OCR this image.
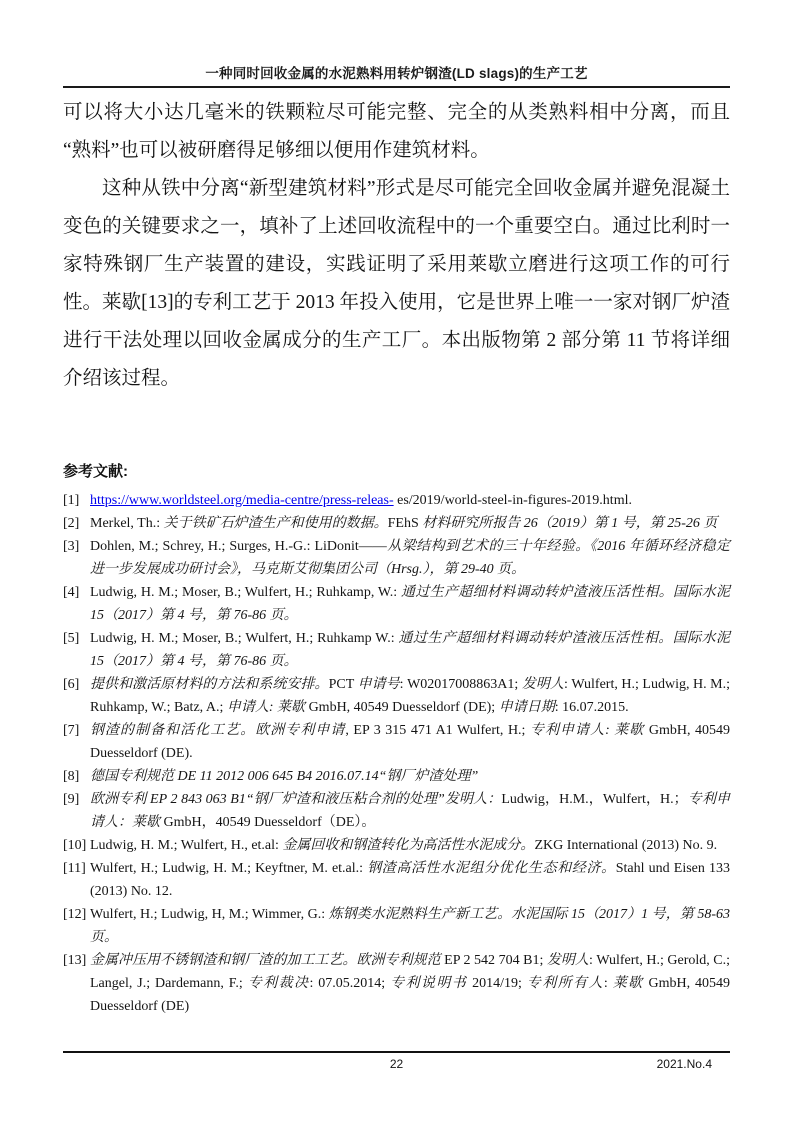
一种同时回收金属的水泥熟料用转炉钢渣(LD slags)的生产工艺

可以将大小达几毫米的铁颗粒尽可能完整、完全的从类熟料相中分离，而且“熟料”也可以被研磨得足够细以便用作建筑材料。

这种从铁中分离“新型建筑材料”形式是尽可能完全回收金属并避免混凝土变色的关键要求之一，填补了上述回收流程中的一个重要空白。通过比利时一家特殊钢厂生产装置的建设，实践证明了采用莱歇立磨进行这项工作的可行性。莱歇[13]的专利工艺于 2013 年投入使用，它是世界上唯一一家对钢厂炉渣进行干法处理以回收金属成分的生产工厂。本出版物第 2 部分第 11 节将详细介绍该过程。

参考文献:
[1] https://www.worldsteel.org/media-centre/press-releas- es/2019/world-steel-in-figures-2019.html.
[2] Merkel, Th.: 关于铁矿石炉渣生产和使用的数据。FEhS 材料研究所报告 26（2019）第 1 号，第 25-26 页
[3] Dohlen, M.; Schrey, H.; Surges, H.-G.: LiDonit——从梁结构到艺术的三十年经验。《2016 年循环经济稳定进一步发展成功研讨会》，马克斯艾彻集团公司（Hrsg.），第 29-40 页。
[4] Ludwig, H. M.; Moser, B.; Wulfert, H.; Ruhkamp, W.: 通过生产超细材料调动转炉渣液压活性相。国际水泥 15（2017）第 4 号，第 76-86 页。
[5] Ludwig, H. M.; Moser, B.; Wulfert, H.; Ruhkamp W.: 通过生产超细材料调动转炉渣液压活性相。国际水泥 15（2017）第 4 号，第 76-86 页。
[6] 提供和激活原材料的方法和系统安排。PCT 申请号: W02017008863A1; 发明人: Wulfert, H.; Ludwig, H. M.; Ruhkamp, W.; Batz, A.; 申请人: 莱歇 GmbH, 40549 Duesseldorf (DE); 申请日期: 16.07.2015.
[7] 钢渣的制备和活化工艺。欧洲专利申请, EP 3 315 471 A1 Wulfert, H.; 专利申请人: 莱歇 GmbH, 40549 Duesseldorf (DE).
[8] 德国专利规范 DE 11 2012 006 645 B4 2016.07.14“钢厂炉渣处理”
[9] 欧洲专利 EP 2 843 063 B1“钢厂炉渣和液压粘合剂的处理”发明人：Ludwig，H.M.，Wulfert，H.；专利申请人：莱歇 GmbH，40549 Duesseldorf（DE）。
[10] Ludwig, H. M.; Wulfert, H., et.al: 金属回收和钢渣转化为高活性水泥成分。ZKG International (2013) No. 9.
[11] Wulfert, H.; Ludwig, H. M.; Keyftner, M. et.al.: 钢渣高活性水泥组分优化生态和经济。Stahl und Eisen 133 (2013) No. 12.
[12] Wulfert, H.; Ludwig, H, M.; Wimmer, G.: 炼钢类水泥熟料生产新工艺。水泥国际 15（2017）1 号，第 58-63 页。
[13] 金属冲压用不锈钢渣和钢厂渣的加工工艺。欧洲专利规范 EP 2 542 704 B1; 发明人: Wulfert, H.; Gerold, C.; Langel, J.; Dardemann, F.; 专利裁决: 07.05.2014; 专利说明书 2014/19; 专利所有人: 莱歇 GmbH, 40549 Duesseldorf (DE)
22	2021.No.4
